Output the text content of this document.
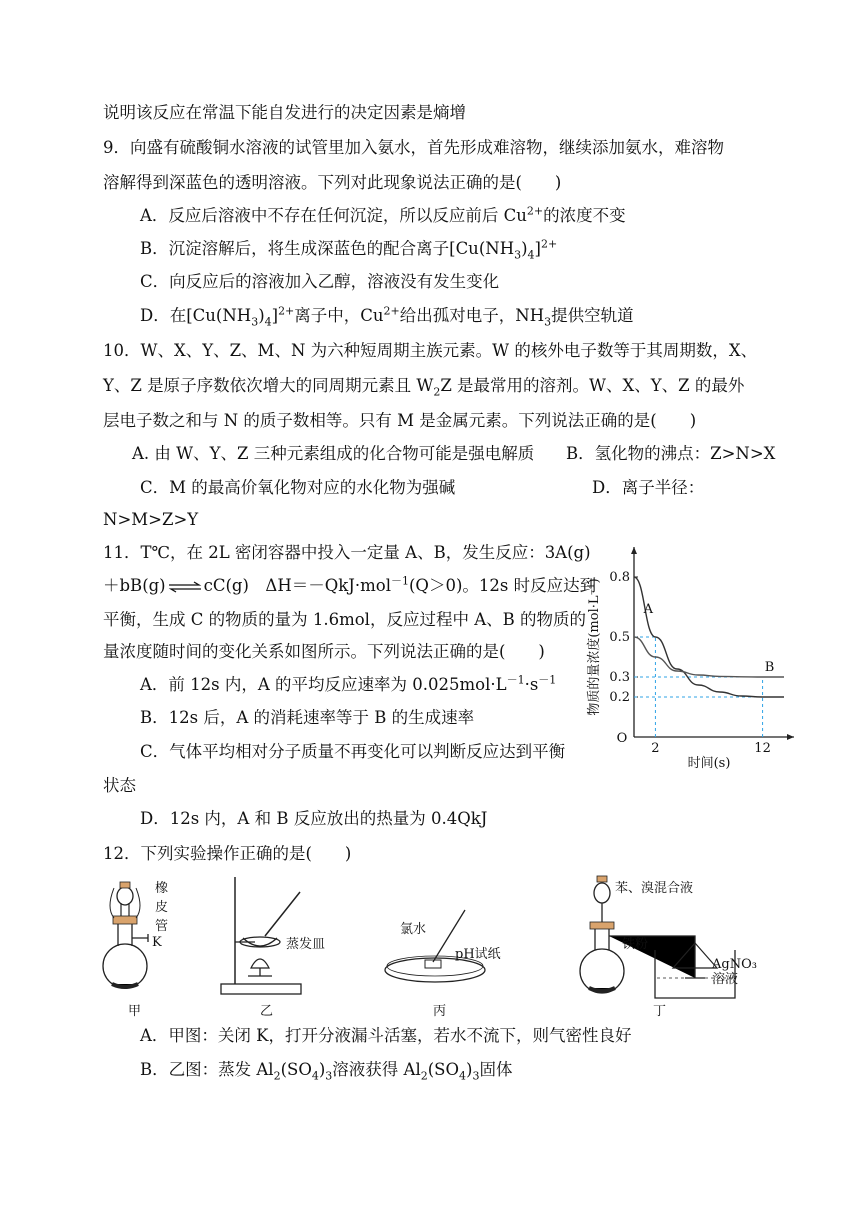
说明该反应在常温下能自发进行的决定因素是熵增
9．向盛有硫酸铜水溶液的试管里加入氨水，首先形成难溶物，继续添加氨水，难溶物
溶解得到深蓝色的透明溶液。下列对此现象说法正确的是(　　)
A．反应后溶液中不存在任何沉淀，所以反应前后 $Cu^{2+}$的浓度不变
B．沉淀溶解后，将生成深蓝色的配合离子$[Cu(NH_3)_4]^{2+}$
C．向反应后的溶液加入乙醇，溶液没有发生变化
D．在$[Cu(NH_3)_4]^{2+}$离子中，$Cu^{2+}$给出孤对电子，$NH_3$提供空轨道
10．W、X、Y、Z、M、N 为六种短周期主族元素。W 的核外电子数等于其周期数，X、
Y、Z 是原子序数依次增大的同周期元素且 $W_2Z$ 是最常用的溶剂。W、X、Y、Z 的最外
层电子数之和与 N 的质子数相等。只有 M 是金属元素。下列说法正确的是(　　)
A. 由 W、Y、Z 三种元素组成的化合物可能是强电解质 B．氢化物的沸点：Z>N>X
C．M 的最高价氧化物对应的水化物为强碱	D．离子半径：
N>M>Z>Y
11．T℃，在 2L 密闭容器中投入一定量 A、B，发生反应：3A(g)
＋bB(g) ⇌ cC(g)　ΔH＝－QkJ·mol$^{-1}$(Q＞0)。12s 时反应达到
平衡，生成 C 的物质的量为 1.6mol，反应过程中 A、B 的物质的
量浓度随时间的变化关系如图所示。下列说法正确的是(　　)
A．前 12s 内，A 的平均反应速率为 $0.025mol\cdot L^{-1}\cdot s^{-1}$
B．12s 后，A 的消耗速率等于 B 的生成速率
C．气体平均相对分子质量不再变化可以判断反应达到平衡
状态
D．12s 内，A 和 B 反应放出的热量为 0.4QkJ
12．下列实验操作正确的是(　　)
A．甲图：关闭 K，打开分液漏斗活塞，若水不流下，则气密性良好
B．乙图：蒸发 $Al_2(SO_4)_3$溶液获得 $Al_2(SO_4)_3$固体
O
0.8
0.5
0.3
0.2
2	12
A
B
时间(s)
物质的量浓度(mol·L⁻¹)
橡
皮
管
K
甲
蒸发皿
乙
氯水
pH试纸
丙
苯、溴混合液
铁粉
AgNO₃
溶液
丁
